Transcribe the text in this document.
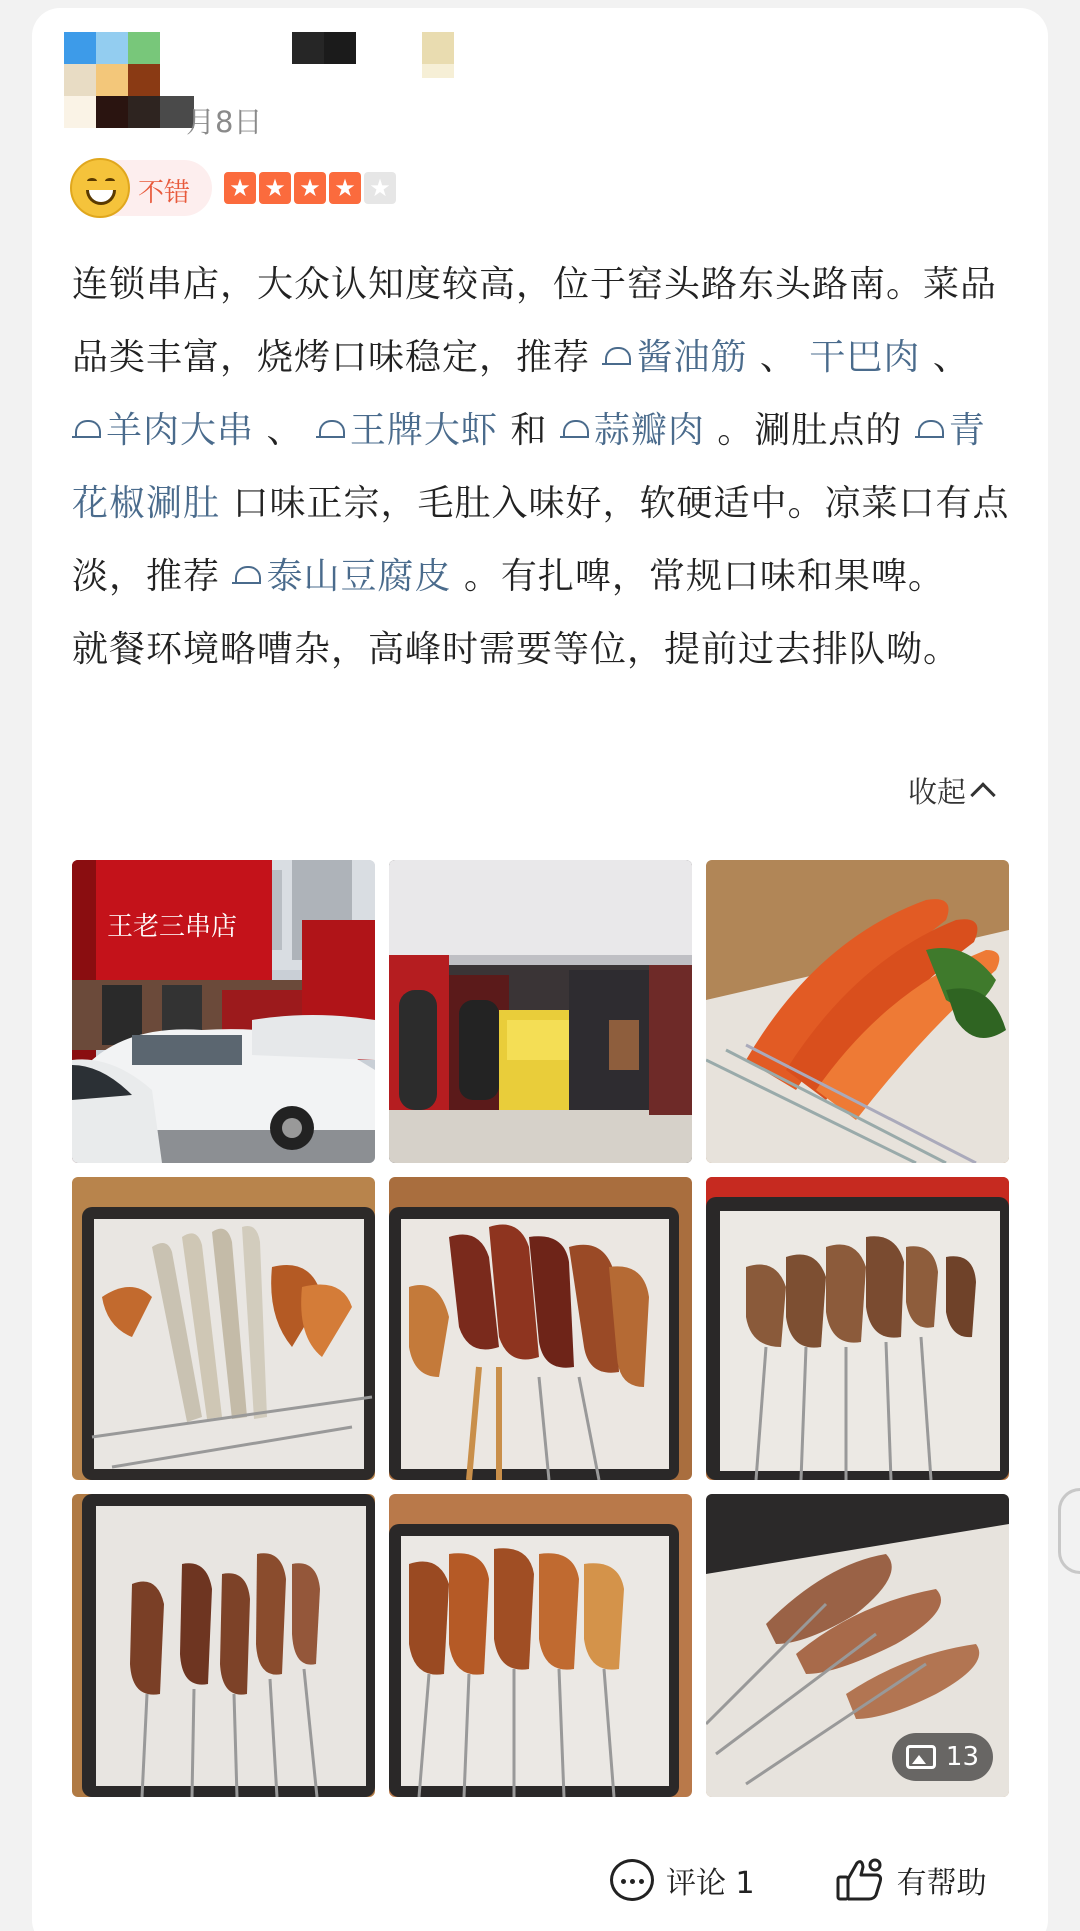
月8日
不错 ★ ★ ★ ★ ★

连锁串店，大众认知度较高，位于窑头路东头路南。菜品品类丰富，烧烤口味稳定，推荐 酱油筋 、 干巴肉 、 羊肉大串 、 王牌大虾 和 蒜瓣肉 。涮肚点的 青花椒涮肚 口味正宗，毛肚入味好，软硬适中。凉菜口有点淡，推荐 泰山豆腐皮 。有扎啤，常规口味和果啤。

就餐环境略嘈杂，高峰时需要等位，提前过去排队呦。

收起
王老三串店
13
评论 1	有帮助
